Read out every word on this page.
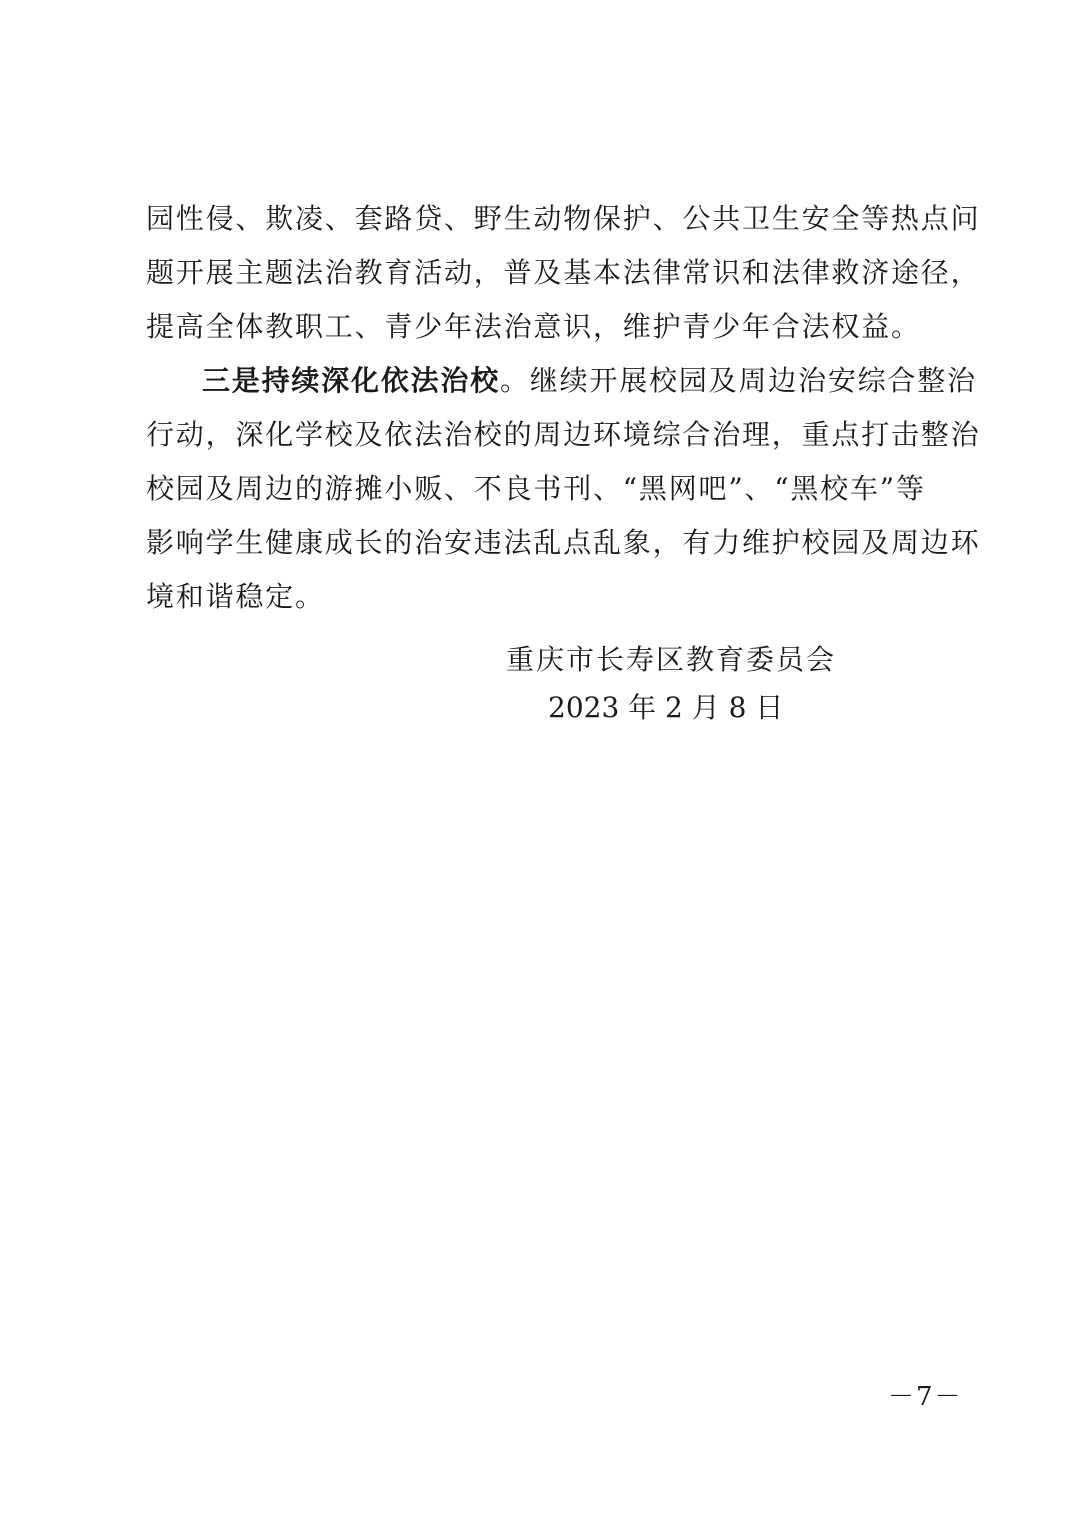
园性侵、欺凌、套路贷、野生动物保护、公共卫生安全等热点问
题开展主题法治教育活动，普及基本法律常识和法律救济途径，
提高全体教职工、青少年法治意识，维护青少年合法权益。
三是持续深化依法治校。继续开展校园及周边治安综合整治
行动，深化学校及依法治校的周边环境综合治理，重点打击整治
校园及周边的游摊小贩、不良书刊、“黑网吧”、“黑校车”等
影响学生健康成长的治安违法乱点乱象，有力维护校园及周边环
境和谐稳定。
重庆市长寿区教育委员会
2023 年 2 月 8 日
－7－
